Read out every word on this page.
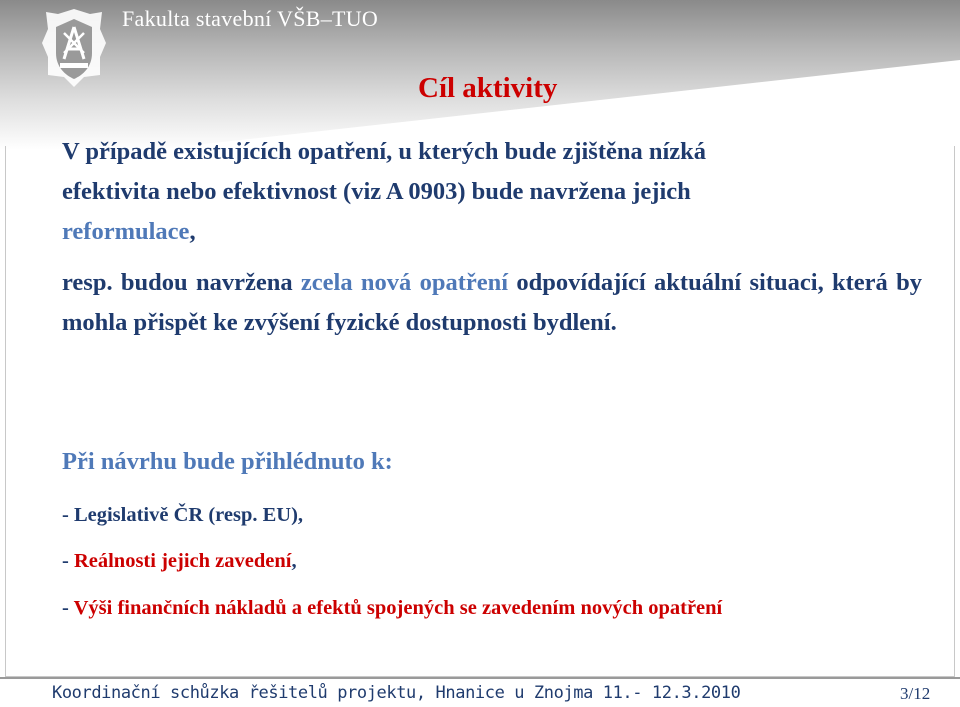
Fakulta stavební VŠB–TUO
Cíl aktivity
V případě existujících opatření, u kterých bude zjištěna nízká
efektivita nebo efektivnost (viz A 0903) bude navržena jejich
reformulace,
resp. budou navržena zcela nová opatření odpovídající aktuální situaci, která by mohla přispět ke zvýšení fyzické dostupnosti bydlení.
Při návrhu bude přihlédnuto k:
- Legislativě ČR (resp. EU),
- Reálnosti jejich zavedení,
- Výši finančních nákladů a efektů spojených se zavedením nových opatření
Koordinační schůzka řešitelů projektu, Hnanice u Znojma 11.- 12.3.2010	3/12
